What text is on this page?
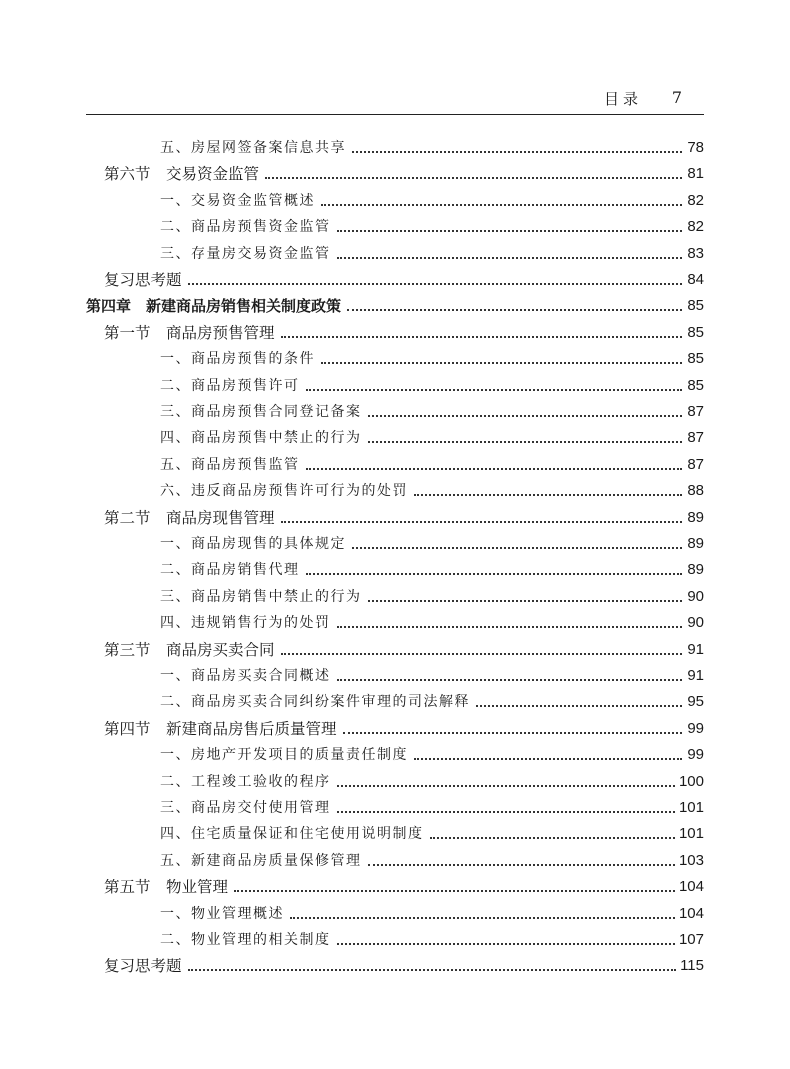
目录 7
五、房屋网签备案信息共享	78
第六节　交易资金监管	81
一、交易资金监管概述	82
二、商品房预售资金监管	82
三、存量房交易资金监管	83
复习思考题	84
第四章　新建商品房销售相关制度政策	85
第一节　商品房预售管理	85
一、商品房预售的条件	85
二、商品房预售许可	85
三、商品房预售合同登记备案	87
四、商品房预售中禁止的行为	87
五、商品房预售监管	87
六、违反商品房预售许可行为的处罚	88
第二节　商品房现售管理	89
一、商品房现售的具体规定	89
二、商品房销售代理	89
三、商品房销售中禁止的行为	90
四、违规销售行为的处罚	90
第三节　商品房买卖合同	91
一、商品房买卖合同概述	91
二、商品房买卖合同纠纷案件审理的司法解释	95
第四节　新建商品房售后质量管理	99
一、房地产开发项目的质量责任制度	99
二、工程竣工验收的程序	100
三、商品房交付使用管理	101
四、住宅质量保证和住宅使用说明制度	101
五、新建商品房质量保修管理	103
第五节　物业管理	104
一、物业管理概述	104
二、物业管理的相关制度	107
复习思考题	115
